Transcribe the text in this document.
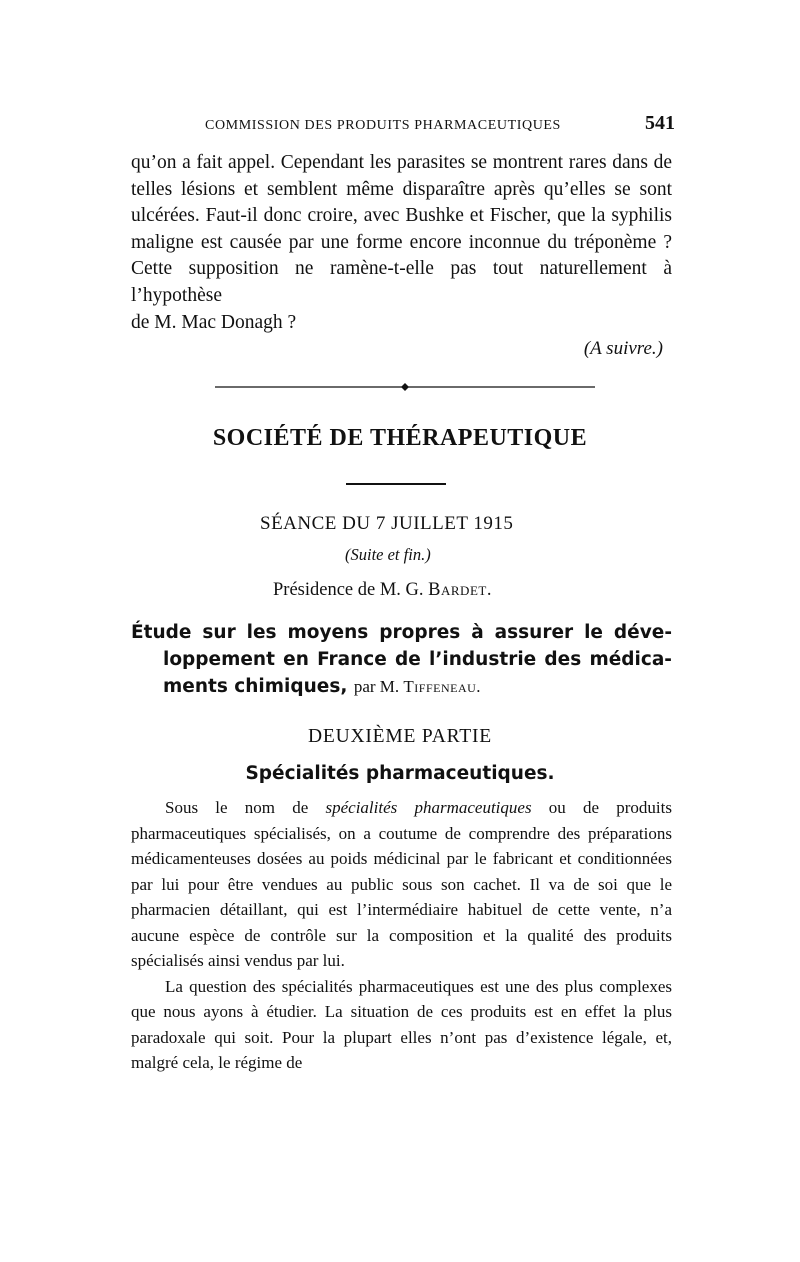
COMMISSION DES PRODUITS PHARMACEUTIQUES	541

qu’on a fait appel. Cependant les parasites se montrent rares dans de telles lésions et semblent même disparaître après qu’elles se sont ulcérées. Faut-il donc croire, avec Bushke et Fischer, que la syphilis maligne est causée par une forme encore inconnue du tréponème ? Cette supposition ne ramène-t-elle pas tout naturellement à l’hypothèse
de M. Mac Donagh ?

(A suivre.)
SOCIÉTÉ DE THÉRAPEUTIQUE
SÉANCE DU 7 JUILLET 1915
(Suite et fin.)
Présidence de M. G. Bardet.
Étude sur les moyens propres à assurer le déve-
loppement en France de l’industrie des médica-
ments chimiques, par M. Tiffeneau.
DEUXIÈME PARTIE
Spécialités pharmaceutiques.

Sous le nom de spécialités pharmaceutiques ou de produits pharmaceutiques spécialisés, on a coutume de comprendre des préparations médicamenteuses dosées au poids médicinal par le fabricant et conditionnées par lui pour être vendues au public sous son cachet. Il va de soi que le pharmacien détaillant, qui est l’intermédiaire habituel de cette vente, n’a aucune espèce de contrôle sur la composition et la qualité des produits spécialisés ainsi vendus par lui.

La question des spécialités pharmaceutiques est une des plus complexes que nous ayons à étudier. La situation de ces produits est en effet la plus paradoxale qui soit. Pour la plupart elles n’ont pas d’existence légale, et, malgré cela, le régime de
